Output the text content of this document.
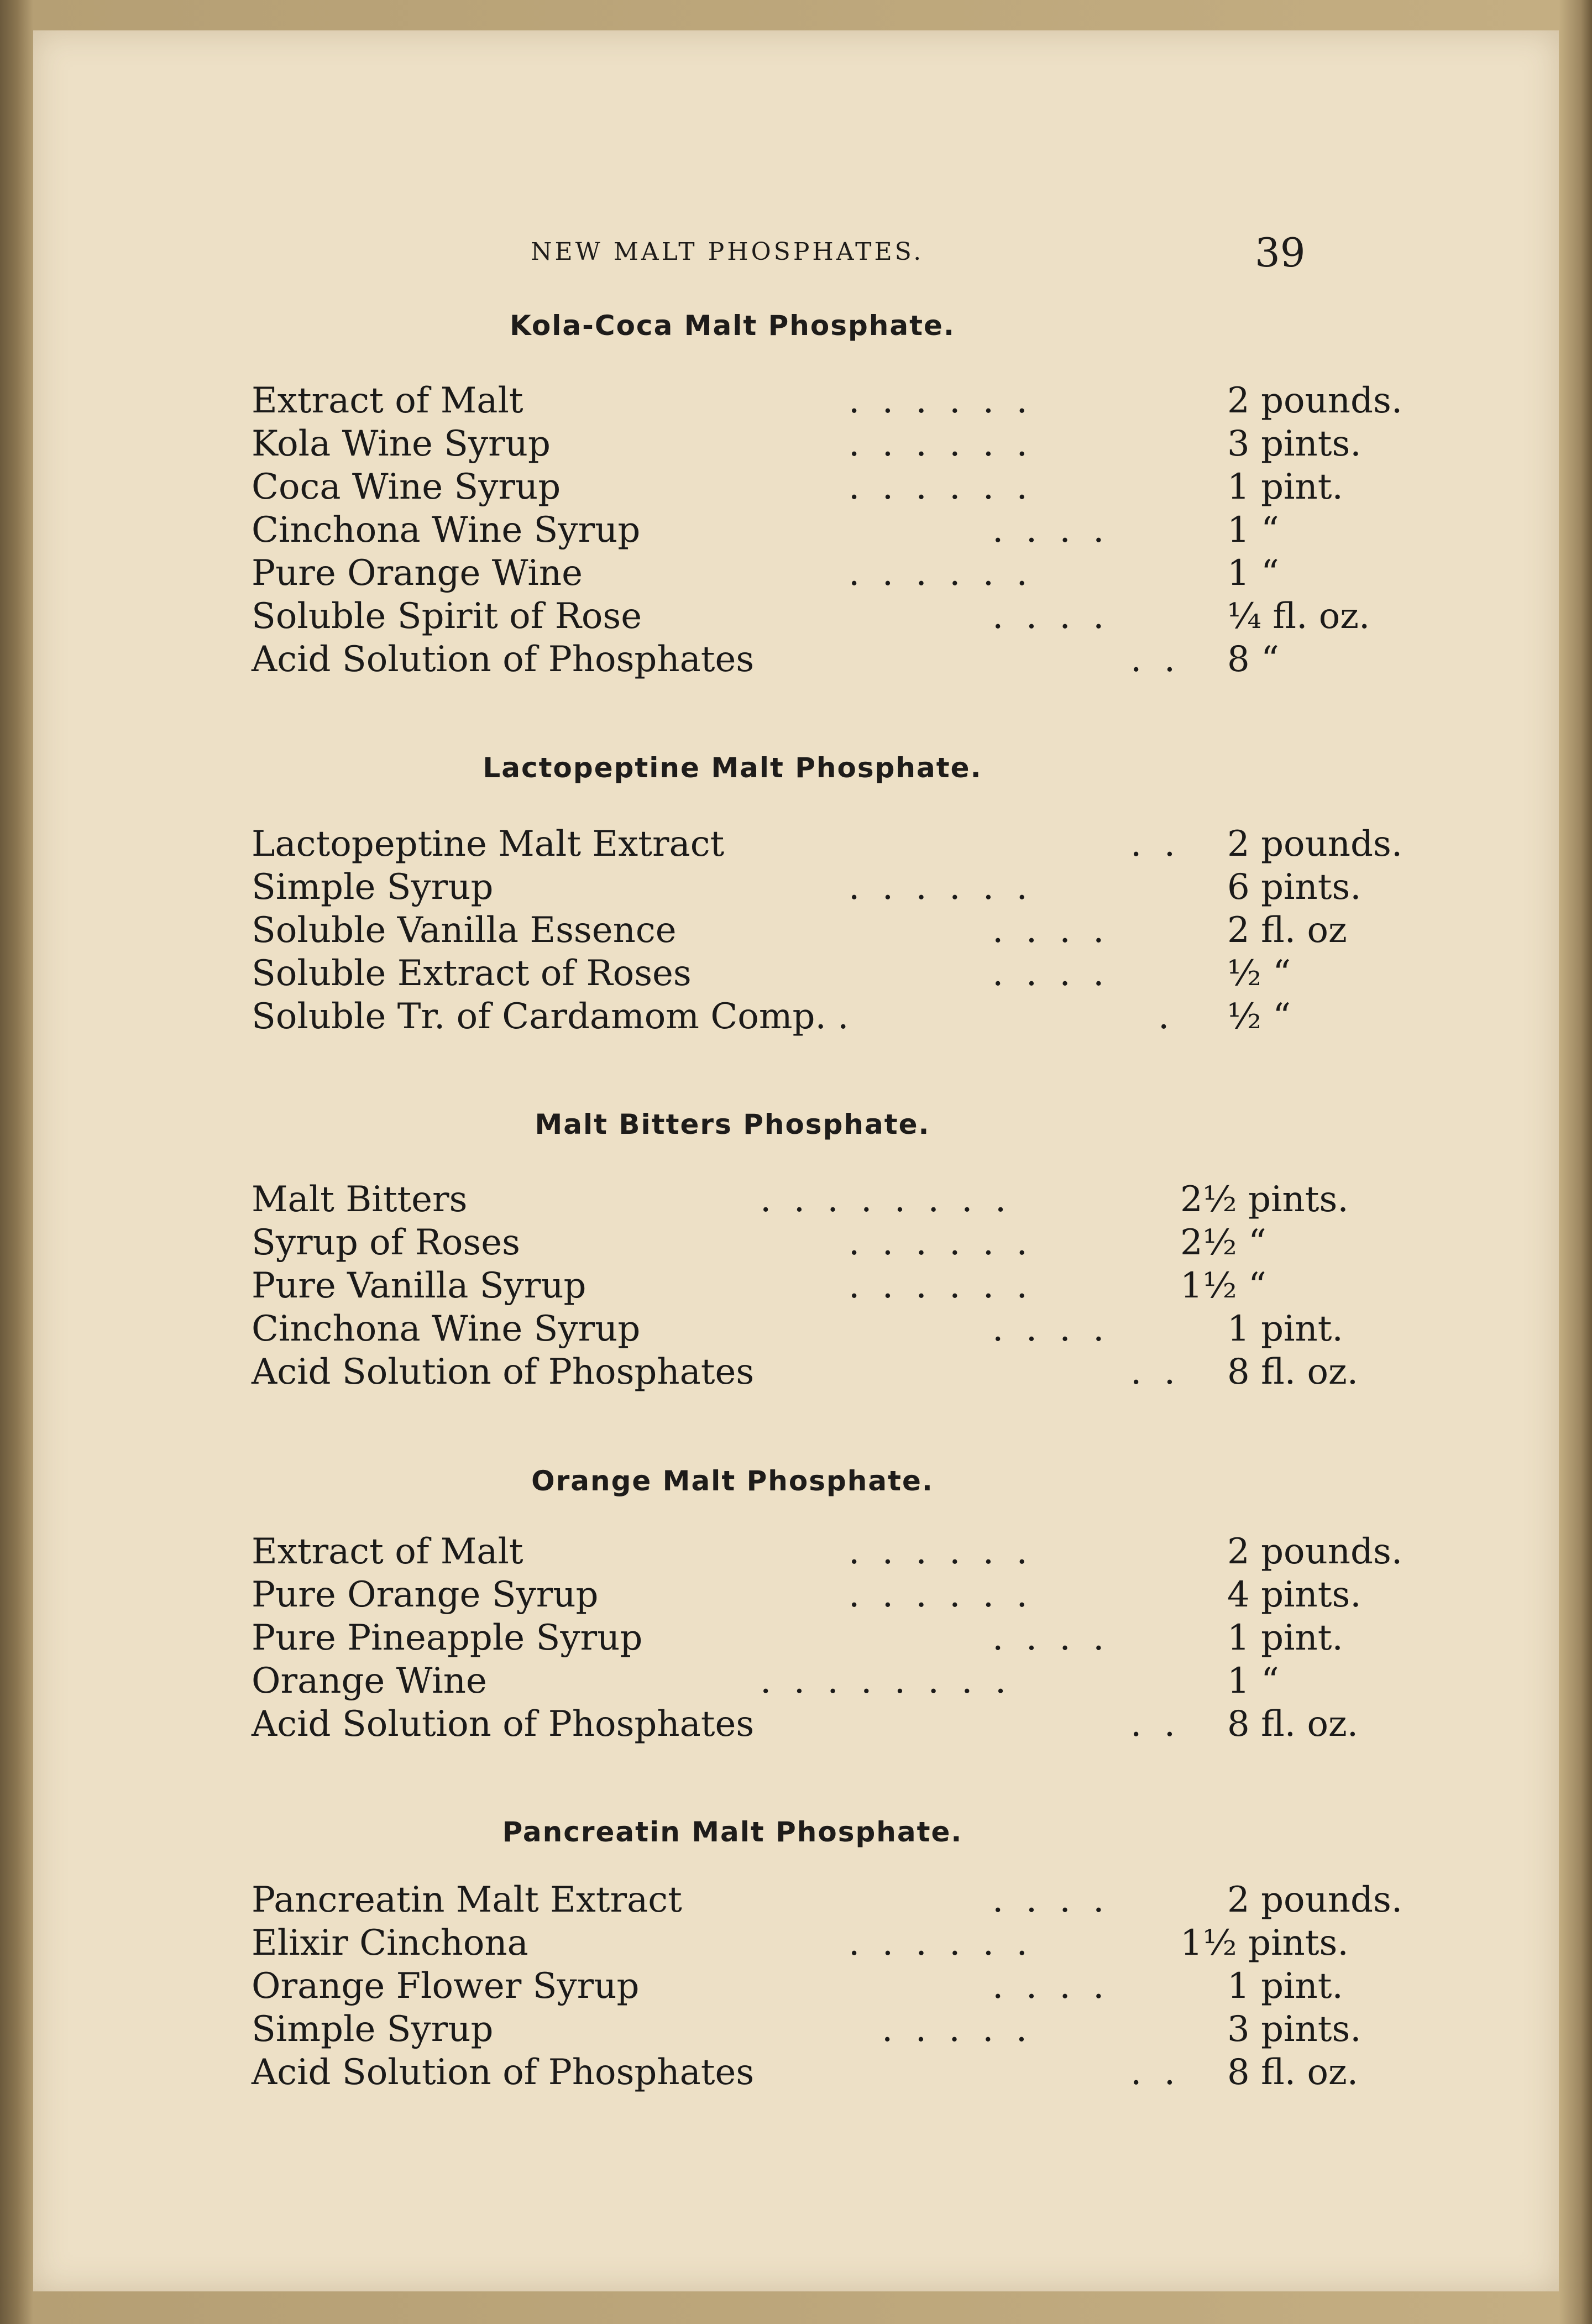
NEW MALT PHOSPHATES.	39
Kola-Coca Malt Phosphate.
Extract of Malt	. . . . . .	2 pounds.
Kola Wine Syrup	. . . . . .	3 pints.
Coca Wine Syrup	. . . . . .	1 pint.
Cinchona Wine Syrup	. . . .	1 “
Pure Orange Wine	. . . . . .	1 “
Soluble Spirit of Rose	. . . .	¼ fl. oz.
Acid Solution of Phosphates	. . 8 “
Lactopeptine Malt Phosphate.
Lactopeptine Malt Extract	. . 2 pounds.
Simple Syrup	. . . . . .	6 pints.
Soluble Vanilla Essence	. . . .	2 fl. oz
Soluble Extract of Roses	. . . .	½ “
Soluble Tr. of Cardamom Comp. .	. ½ “
Malt Bitters Phosphate.
Malt Bitters	. . . . . . . .	2½ pints.
Syrup of Roses	. . . . . .	2½ “
Pure Vanilla Syrup	. . . . . .	1½ “
Cinchona Wine Syrup	. . . .	1 pint.
Acid Solution of Phosphates	. . 8 fl. oz.
Orange Malt Phosphate.
Extract of Malt	. . . . . .	2 pounds.
Pure Orange Syrup	. . . . . .	4 pints.
Pure Pineapple Syrup	. . . .	1 pint.
Orange Wine	. . . . . . . .	1 “
Acid Solution of Phosphates	. . 8 fl. oz.
Pancreatin Malt Phosphate.
Pancreatin Malt Extract	. . . .	2 pounds.
Elixir Cinchona	. . . . . .	1½ pints.
Orange Flower Syrup	. . . .	1 pint.
Simple Syrup	. . . . .	3 pints.
Acid Solution of Phosphates	. . 8 fl. oz.
